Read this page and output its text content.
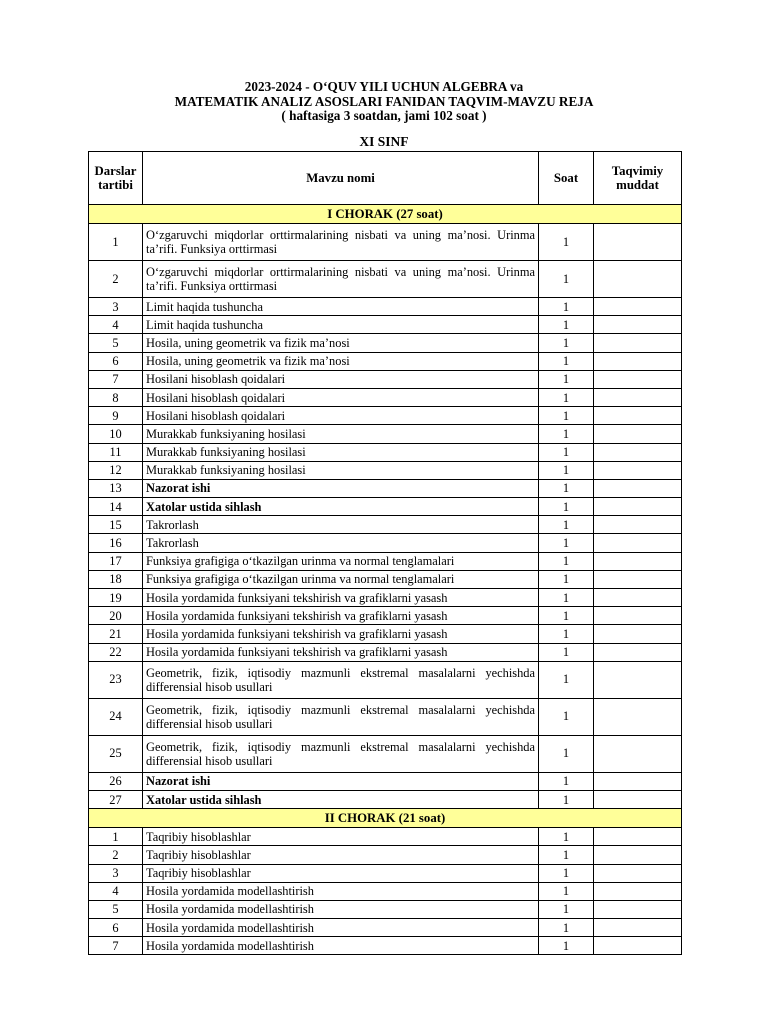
2023-2024 - O‘QUV YILI UCHUN ALGEBRA va
MATEMATIK ANALIZ ASOSLARI FANIDAN TAQVIM-MAVZU REJA
( haftasiga 3 soatdan, jami 102 soat )
XI SINF
Darslar tartibi	Mavzu nomi	Soat	Taqvimiy muddat
I CHORAK (27 soat)			
1	O‘zgaruvchi miqdorlar orttirmalarining nisbati va uning ma’nosi. Urinma ta’rifi. Funksiya orttirmasi	1	
2	O‘zgaruvchi miqdorlar orttirmalarining nisbati va uning ma’nosi. Urinma ta’rifi. Funksiya orttirmasi	1	
3	Limit haqida tushuncha	1	
4	Limit haqida tushuncha	1	
5	Hosila, uning geometrik va fizik ma’nosi	1	
6	Hosila, uning geometrik va fizik ma’nosi	1	
7	Hosilani hisoblash qoidalari	1	
8	Hosilani hisoblash qoidalari	1	
9	Hosilani hisoblash qoidalari	1	
10	Murakkab funksiyaning hosilasi	1	
11	Murakkab funksiyaning hosilasi	1	
12	Murakkab funksiyaning hosilasi	1	
13	Nazorat ishi	1	
14	Xatolar ustida sihlash	1	
15	Takrorlash	1	
16	Takrorlash	1	
17	Funksiya grafigiga o‘tkazilgan urinma va normal tenglamalari	1	
18	Funksiya grafigiga o‘tkazilgan urinma va normal tenglamalari	1	
19	Hosila yordamida funksiyani tekshirish va grafiklarni yasash	1	
20	Hosila yordamida funksiyani tekshirish va grafiklarni yasash	1	
21	Hosila yordamida funksiyani tekshirish va grafiklarni yasash	1	
22	Hosila yordamida funksiyani tekshirish va grafiklarni yasash	1	
23	Geometrik, fizik, iqtisodiy mazmunli ekstremal masalalarni yechishda differensial hisob usullari	1	
24	Geometrik, fizik, iqtisodiy mazmunli ekstremal masalalarni yechishda differensial hisob usullari	1	
25	Geometrik, fizik, iqtisodiy mazmunli ekstremal masalalarni yechishda differensial hisob usullari	1	
26	Nazorat ishi	1	
27	Xatolar ustida sihlash	1	
II CHORAK (21 soat)			
1	Taqribiy hisoblashlar	1	
2	Taqribiy hisoblashlar	1	
3	Taqribiy hisoblashlar	1	
4	Hosila yordamida modellashtirish	1	
5	Hosila yordamida modellashtirish	1	
6	Hosila yordamida modellashtirish	1	
7	Hosila yordamida modellashtirish	1	
